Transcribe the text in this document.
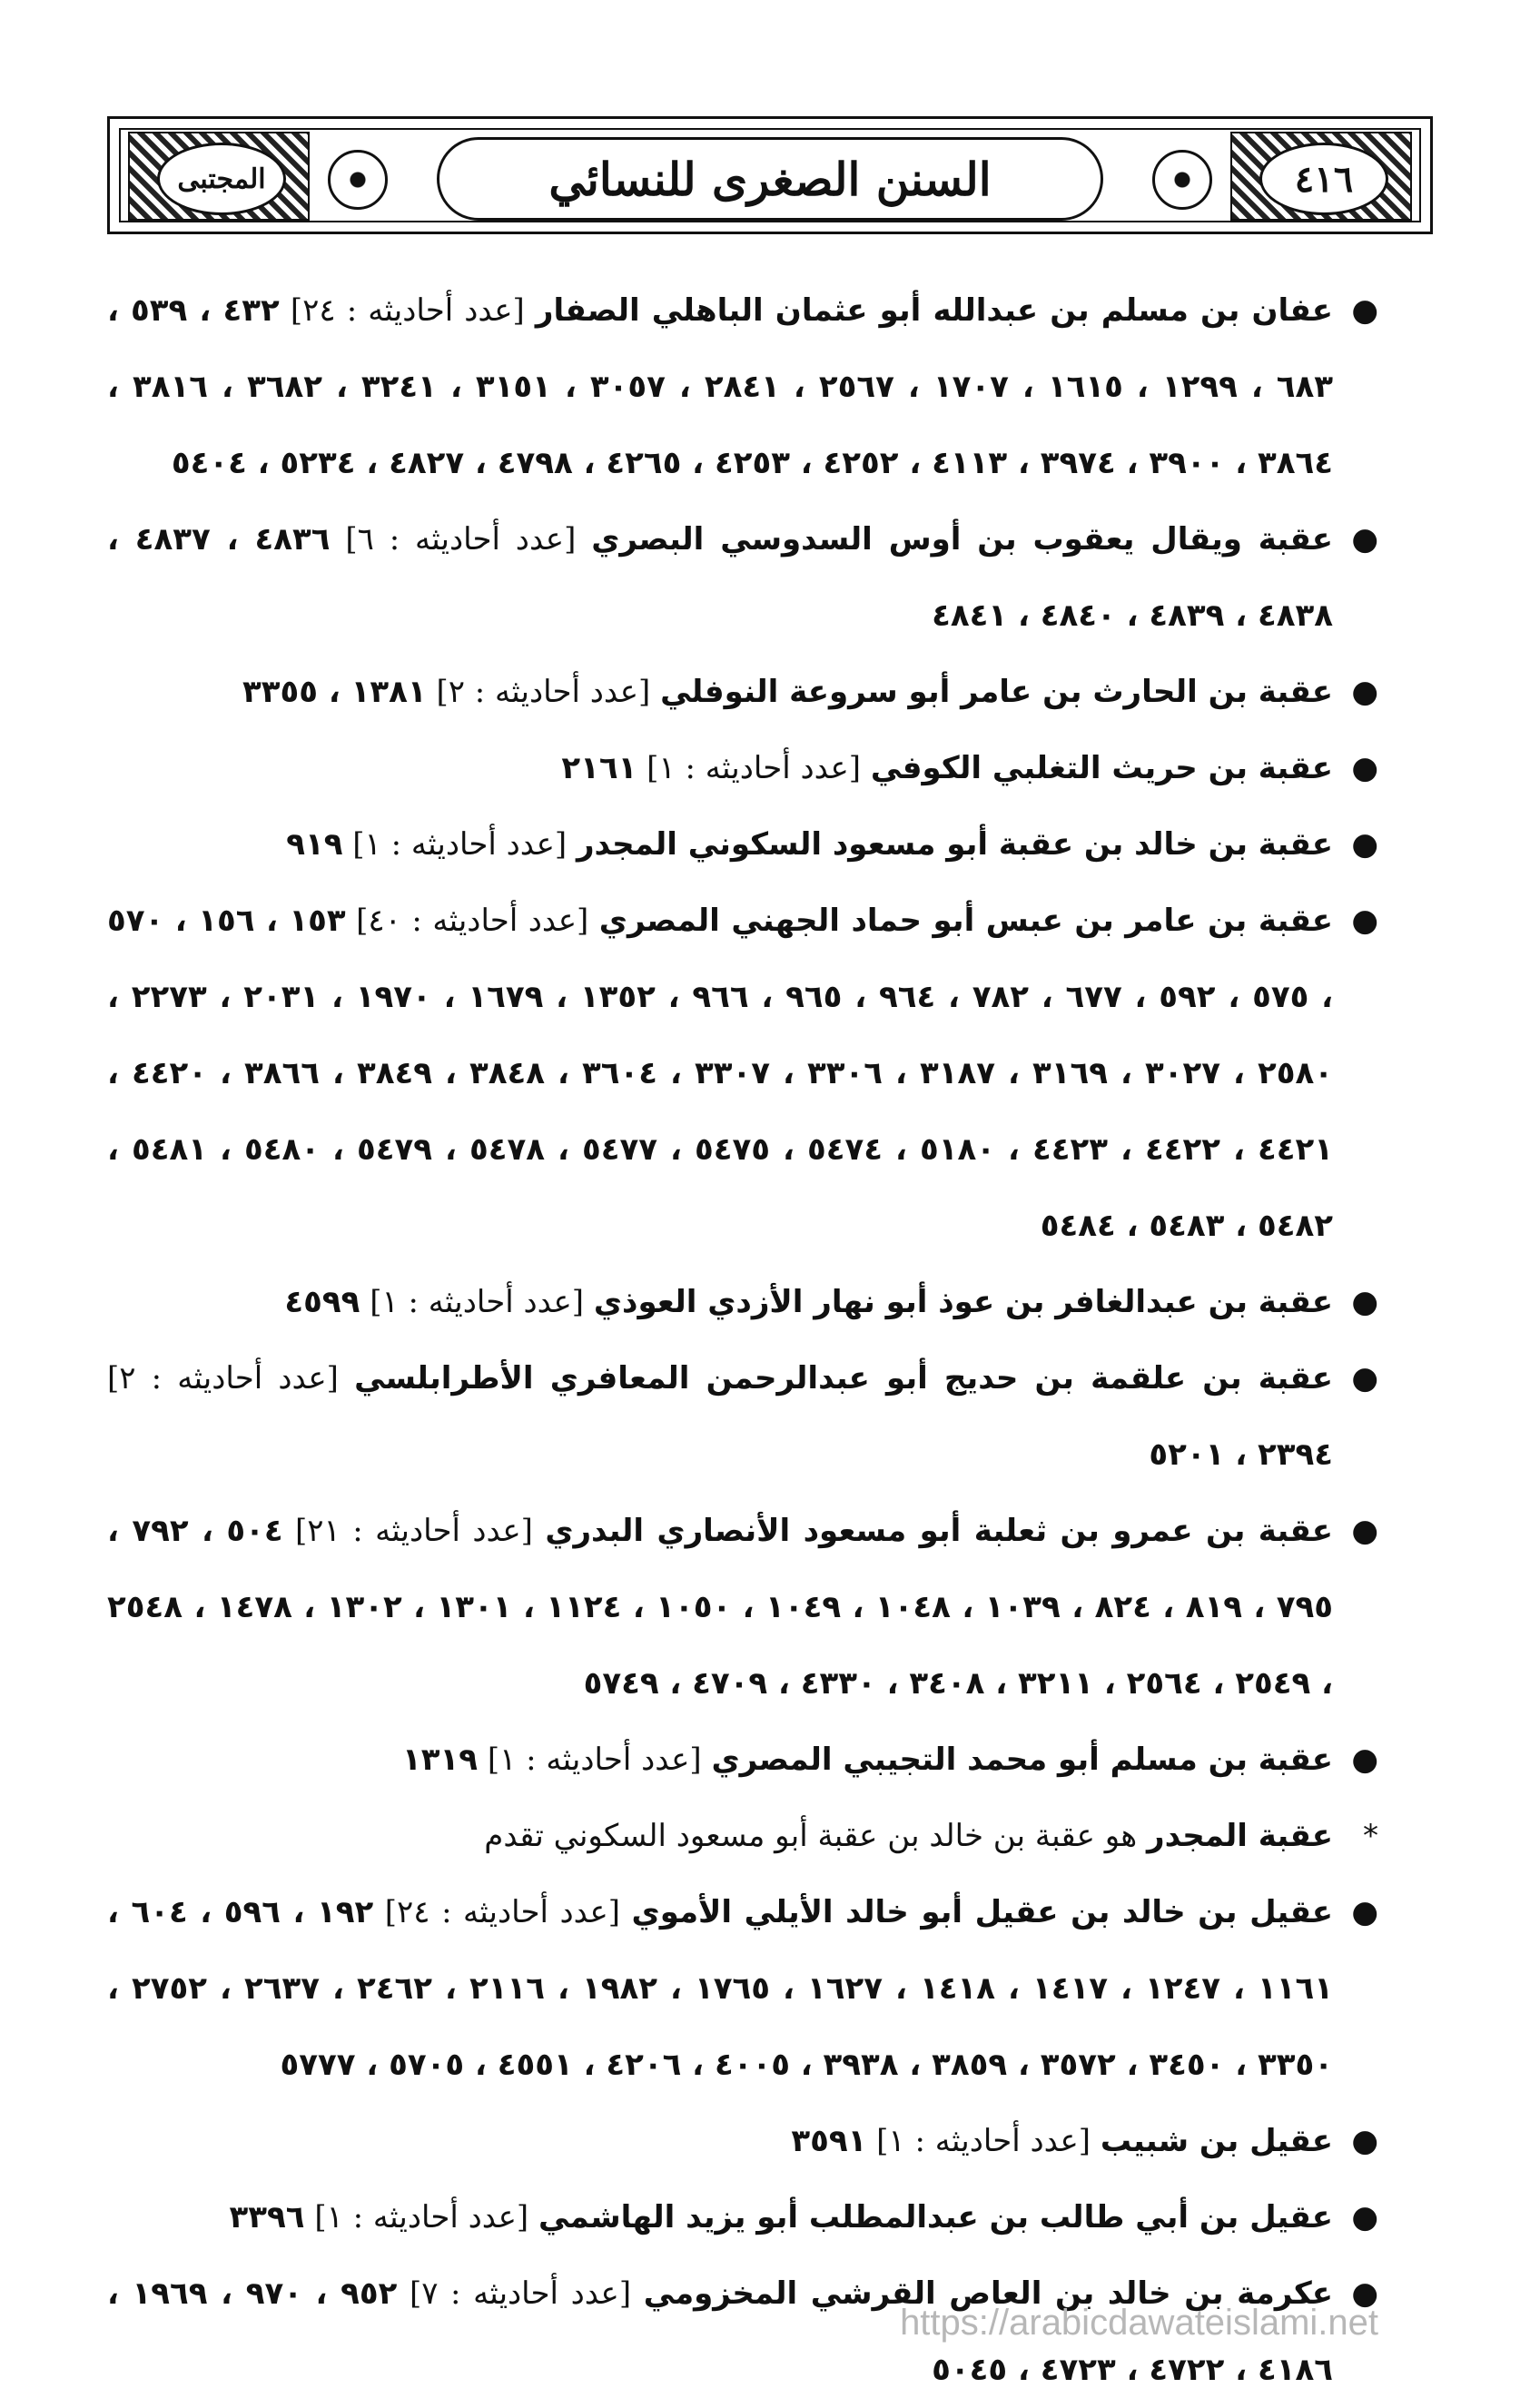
٤١٦
السنن الصغرى للنسائي
المجتبى
●

عفان بن مسلم بن عبدالله أبو عثمان الباهلي الصفار [عدد أحاديثه : ٢٤] ٤٣٢ ، ٥٣٩ ، ٦٨٣ ، ١٢٩٩ ، ١٦١٥ ، ١٧٠٧ ، ٢٥٦٧ ، ٢٨٤١ ، ٣٠٥٧ ، ٣١٥١ ، ٣٢٤١ ، ٣٦٨٢ ، ٣٨١٦ ، ٣٨٦٤ ، ٣٩٠٠ ، ٣٩٧٤ ، ٤١١٣ ، ٤٢٥٢ ، ٤٢٥٣ ، ٤٢٦٥ ، ٤٧٩٨ ، ٤٨٢٧ ، ٥٢٣٤ ، ٥٤٠٤

●

عقبة ويقال يعقوب بن أوس السدوسي البصري [عدد أحاديثه : ٦] ٤٨٣٦ ، ٤٨٣٧ ، ٤٨٣٨ ، ٤٨٣٩ ، ٤٨٤٠ ، ٤٨٤١

●

عقبة بن الحارث بن عامر أبو سروعة النوفلي [عدد أحاديثه : ٢] ١٣٨١ ، ٣٣٥٥

●

عقبة بن حريث التغلبي الكوفي [عدد أحاديثه : ١] ٢١٦١

●

عقبة بن خالد بن عقبة أبو مسعود السكوني المجدر [عدد أحاديثه : ١] ٩١٩

●

عقبة بن عامر بن عبس أبو حماد الجهني المصري [عدد أحاديثه : ٤٠] ١٥٣ ، ١٥٦ ، ٥٧٠ ، ٥٧٥ ، ٥٩٢ ، ٦٧٧ ، ٧٨٢ ، ٩٦٤ ، ٩٦٥ ، ٩٦٦ ، ١٣٥٢ ، ١٦٧٩ ، ١٩٧٠ ، ٢٠٣١ ، ٢٢٧٣ ، ٢٥٨٠ ، ٣٠٢٧ ، ٣١٦٩ ، ٣١٨٧ ، ٣٣٠٦ ، ٣٣٠٧ ، ٣٦٠٤ ، ٣٨٤٨ ، ٣٨٤٩ ، ٣٨٦٦ ، ٤٤٢٠ ، ٤٤٢١ ، ٤٤٢٢ ، ٤٤٢٣ ، ٥١٨٠ ، ٥٤٧٤ ، ٥٤٧٥ ، ٥٤٧٧ ، ٥٤٧٨ ، ٥٤٧٩ ، ٥٤٨٠ ، ٥٤٨١ ، ٥٤٨٢ ، ٥٤٨٣ ، ٥٤٨٤

●

عقبة بن عبدالغافر بن عوذ أبو نهار الأزدي العوذي [عدد أحاديثه : ١] ٤٥٩٩

●

عقبة بن علقمة بن حديج أبو عبدالرحمن المعافري الأطرابلسي [عدد أحاديثه : ٢] ٢٣٩٤ ، ٥٢٠١

●

عقبة بن عمرو بن ثعلبة أبو مسعود الأنصاري البدري [عدد أحاديثه : ٢١] ٥٠٤ ، ٧٩٢ ، ٧٩٥ ، ٨١٩ ، ٨٢٤ ، ١٠٣٩ ، ١٠٤٨ ، ١٠٤٩ ، ١٠٥٠ ، ١١٢٤ ، ١٣٠١ ، ١٣٠٢ ، ١٤٧٨ ، ٢٥٤٨ ، ٢٥٤٩ ، ٢٥٦٤ ، ٣٢١١ ، ٣٤٠٨ ، ٤٣٣٠ ، ٤٧٠٩ ، ٥٧٤٩

●

عقبة بن مسلم أبو محمد التجيبي المصري [عدد أحاديثه : ١] ١٣١٩

*

عقبة المجدر هو عقبة بن خالد بن عقبة أبو مسعود السكوني تقدم

●

عقيل بن خالد بن عقيل أبو خالد الأيلي الأموي [عدد أحاديثه : ٢٤] ١٩٢ ، ٥٩٦ ، ٦٠٤ ، ١١٦١ ، ١٢٤٧ ، ١٤١٧ ، ١٤١٨ ، ١٦٢٧ ، ١٧٦٥ ، ١٩٨٢ ، ٢١١٦ ، ٢٤٦٢ ، ٢٦٣٧ ، ٢٧٥٢ ، ٣٣٥٠ ، ٣٤٥٠ ، ٣٥٧٢ ، ٣٨٥٩ ، ٣٩٣٨ ، ٤٠٠٥ ، ٤٢٠٦ ، ٤٥٥١ ، ٥٧٠٥ ، ٥٧٧٧

●

عقيل بن شبيب [عدد أحاديثه : ١] ٣٥٩١

●

عقيل بن أبي طالب بن عبدالمطلب أبو يزيد الهاشمي [عدد أحاديثه : ١] ٣٣٩٦

●

عكرمة بن خالد بن العاص القرشي المخزومي [عدد أحاديثه : ٧] ٩٥٢ ، ٩٧٠ ، ١٩٦٩ ، ٤١٨٦ ، ٤٧٢٢ ، ٤٧٢٣ ، ٥٠٤٥

https://arabicdawateislami.net
